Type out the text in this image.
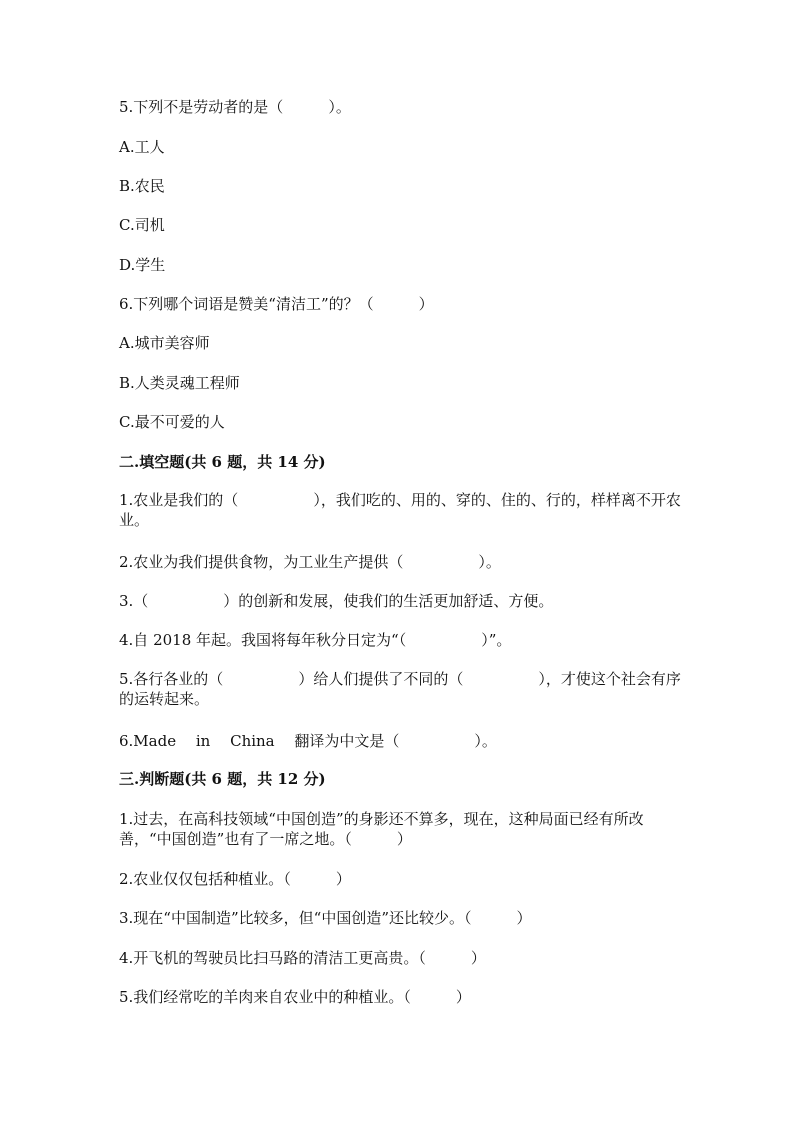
5.下列不是劳动者的是（　　　）。
A.工人
B.农民
C.司机
D.学生
6.下列哪个词语是赞美“清洁工”的？（　　　）
A.城市美容师
B.人类灵魂工程师
C.最不可爱的人
二.填空题(共 6 题，共 14 分)
1.农业是我们的（　　　　　），我们吃的、用的、穿的、住的、行的，样样离不开农业。
2.农业为我们提供食物，为工业生产提供（　　　　　）。
3.（　　　　　）的创新和发展，使我们的生活更加舒适、方便。
4.自 2018 年起。我国将每年秋分日定为“（　　　　　）”。
5.各行各业的（　　　　　）给人们提供了不同的（　　　　　），才使这个社会有序的运转起来。
6.Made　 in　 China　 翻译为中文是（　　　　　）。
三.判断题(共 6 题，共 12 分)
1.过去，在高科技领域“中国创造”的身影还不算多，现在，这种局面已经有所改善，“中国创造”也有了一席之地。（　　　）
2.农业仅仅包括种植业。（　　　）
3.现在“中国制造”比较多，但“中国创造”还比较少。（　　　）
4.开飞机的驾驶员比扫马路的清洁工更高贵。（　　　）
5.我们经常吃的羊肉来自农业中的种植业。（　　　）
